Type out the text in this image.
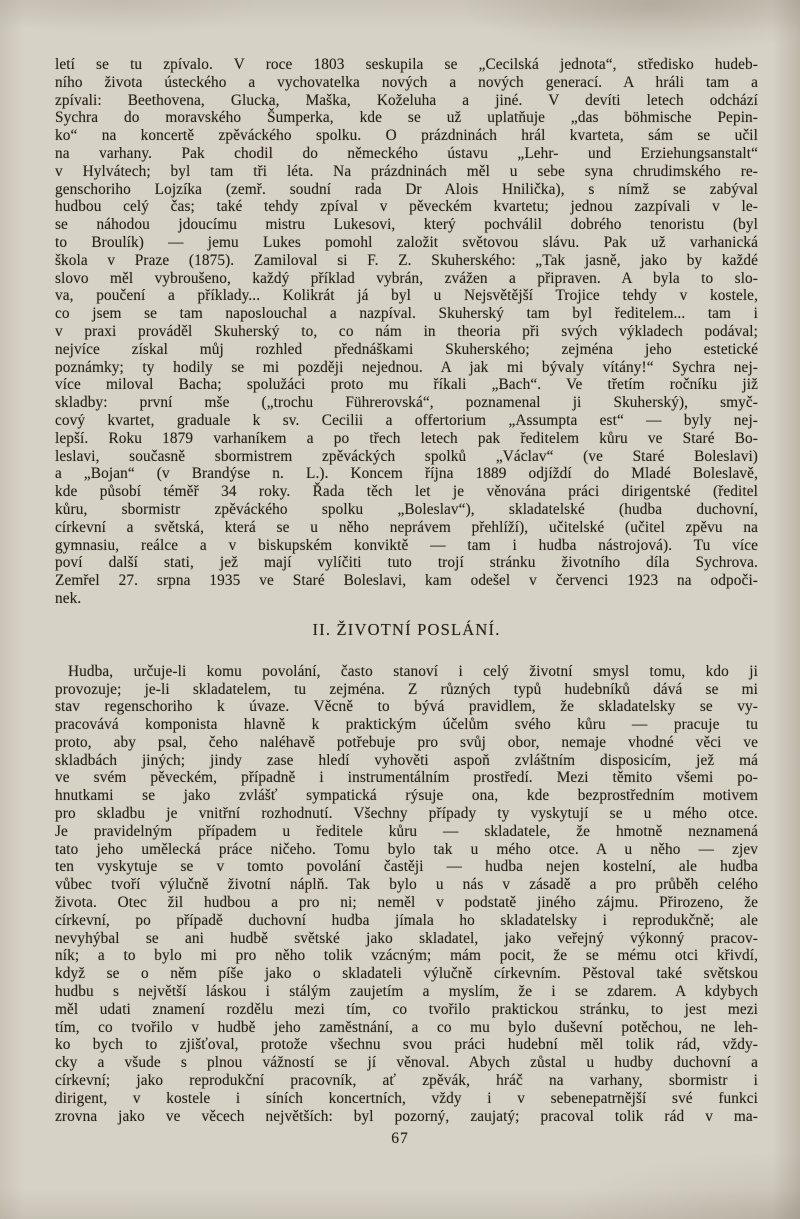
letí se tu zpívalo. V roce 1803 seskupila se „Cecilská jednota“, středisko hudeb-
ního života ústeckého a vychovatelka nových a nových generací. A hráli tam a
zpívali: Beethovena, Glucka, Maška, Koželuha a jiné. V devíti letech odchází
Sychra do moravského Šumperka, kde se už uplatňuje „das böhmische Pepin-
ko“ na koncertě zpěváckého spolku. O prázdninách hrál kvarteta, sám se učil
na varhany. Pak chodil do německého ústavu „Lehr- und Erziehungsanstalt“
v Hylvátech; byl tam tři léta. Na prázdninách měl u sebe syna chrudimského re-
genschoriho Lojzíka (zemř. soudní rada Dr Alois Hnilička), s nímž se zabýval
hudbou celý čas; také tehdy zpíval v pěveckém kvartetu; jednou zazpívali v le-
se náhodou jdoucímu mistru Lukesovi, který pochválil dobrého tenoristu (byl
to Broulík) — jemu Lukes pomohl založit světovou slávu. Pak už varhanická
škola v Praze (1875). Zamiloval si F. Z. Skuherského: „Tak jasně, jako by každé
slovo měl vybroušeno, každý příklad vybrán, zvážen a připraven. A byla to slo-
va, poučení a příklady... Kolikrát já byl u Nejsvětější Trojice tehdy v kostele,
co jsem se tam naposlouchal a nazpíval. Skuherský tam byl ředitelem... tam i
v praxi prováděl Skuherský to, co nám in theoria při svých výkladech podával;
nejvíce získal můj rozhled přednáškami Skuherského; zejména jeho estetické
poznámky; ty hodily se mi později nejednou. A jak mi bývaly vítány!“ Sychra nej-
více miloval Bacha; spolužáci proto mu říkali „Bach“. Ve třetím ročníku již
skladby: první mše („trochu Führerovská“, poznamenal ji Skuherský), smyč-
cový kvartet, graduale k sv. Cecilii a offertorium „Assumpta est“ — byly nej-
lepší. Roku 1879 varhaníkem a po třech letech pak ředitelem kůru ve Staré Bo-
leslavi, současně sbormistrem zpěváckých spolků „Václav“ (ve Staré Boleslavi)
a „Bojan“ (v Brandýse n. L.). Koncem října 1889 odjíždí do Mladé Boleslavě,
kde působí téměř 34 roky. Řada těch let je věnována práci dirigentské (ředitel
kůru, sbormistr zpěváckého spolku „Boleslav“), skladatelské (hudba duchovní,
církevní a světská, která se u něho neprávem přehlíží), učitelské (učitel zpěvu na
gymnasiu, reálce a v biskupském konviktě — tam i hudba nástrojová). Tu více
poví další stati, jež mají vylíčiti tuto trojí stránku životního díla Sychrova.
Zemřel 27. srpna 1935 ve Staré Boleslavi, kam odešel v červenci 1923 na odpoči-
nek.
II. ŽIVOTNÍ POSLÁNÍ.
Hudba, určuje-li komu povolání, často stanoví i celý životní smysl tomu, kdo ji
provozuje; je-li skladatelem, tu zejména. Z různých typů hudebníků dává se mi
stav regenschoriho k úvaze. Věcně to bývá pravidlem, že skladatelsky se vy-
pracovává komponista hlavně k praktickým účelům svého kůru — pracuje tu
proto, aby psal, čeho naléhavě potřebuje pro svůj obor, nemaje vhodné věci ve
skladbách jiných; jindy zase hledí vyhověti aspoň zvláštním disposicím, jež má
ve svém pěveckém, případně i instrumentálním prostředí. Mezi těmito všemi po-
hnutkami se jako zvlášť sympatická rýsuje ona, kde bezprostředním motivem
pro skladbu je vnitřní rozhodnutí. Všechny případy ty vyskytují se u mého otce.
Je pravidelným případem u ředitele kůru — skladatele, že hmotně neznamená
tato jeho umělecká práce ničeho. Tomu bylo tak u mého otce. A u něho — zjev
ten vyskytuje se v tomto povolání častěji — hudba nejen kostelní, ale hudba
vůbec tvoří výlučně životní náplň. Tak bylo u nás v zásadě a pro průběh celého
života. Otec žil hudbou a pro ni; neměl v podstatě jiného zájmu. Přirozeno, že
církevní, po případě duchovní hudba jímala ho skladatelsky i reprodukčně; ale
nevyhýbal se ani hudbě světské jako skladatel, jako veřejný výkonný pracov-
ník; a to bylo mi pro něho tolik vzácným; mám pocit, že se mému otci křivdí,
když se o něm píše jako o skladateli výlučně církevním. Pěstoval také světskou
hudbu s největší láskou i stálým zaujetím a myslím, že i se zdarem. A kdybych
měl udati znamení rozdělu mezi tím, co tvořilo praktickou stránku, to jest mezi
tím, co tvořilo v hudbě jeho zaměstnání, a co mu bylo duševní potěchou, ne leh-
ko bych to zjišťoval, protože všechnu svou práci hudební měl tolik rád, vždy-
cky a všude s plnou vážností se jí věnoval. Abych zůstal u hudby duchovní a
církevní; jako reprodukční pracovník, ať zpěvák, hráč na varhany, sbormistr i
dirigent, v kostele i síních koncertních, vždy i v sebenepatrnější své funkci
zrovna jako ve věcech největších: byl pozorný, zaujatý; pracoval tolik rád v ma-
67
